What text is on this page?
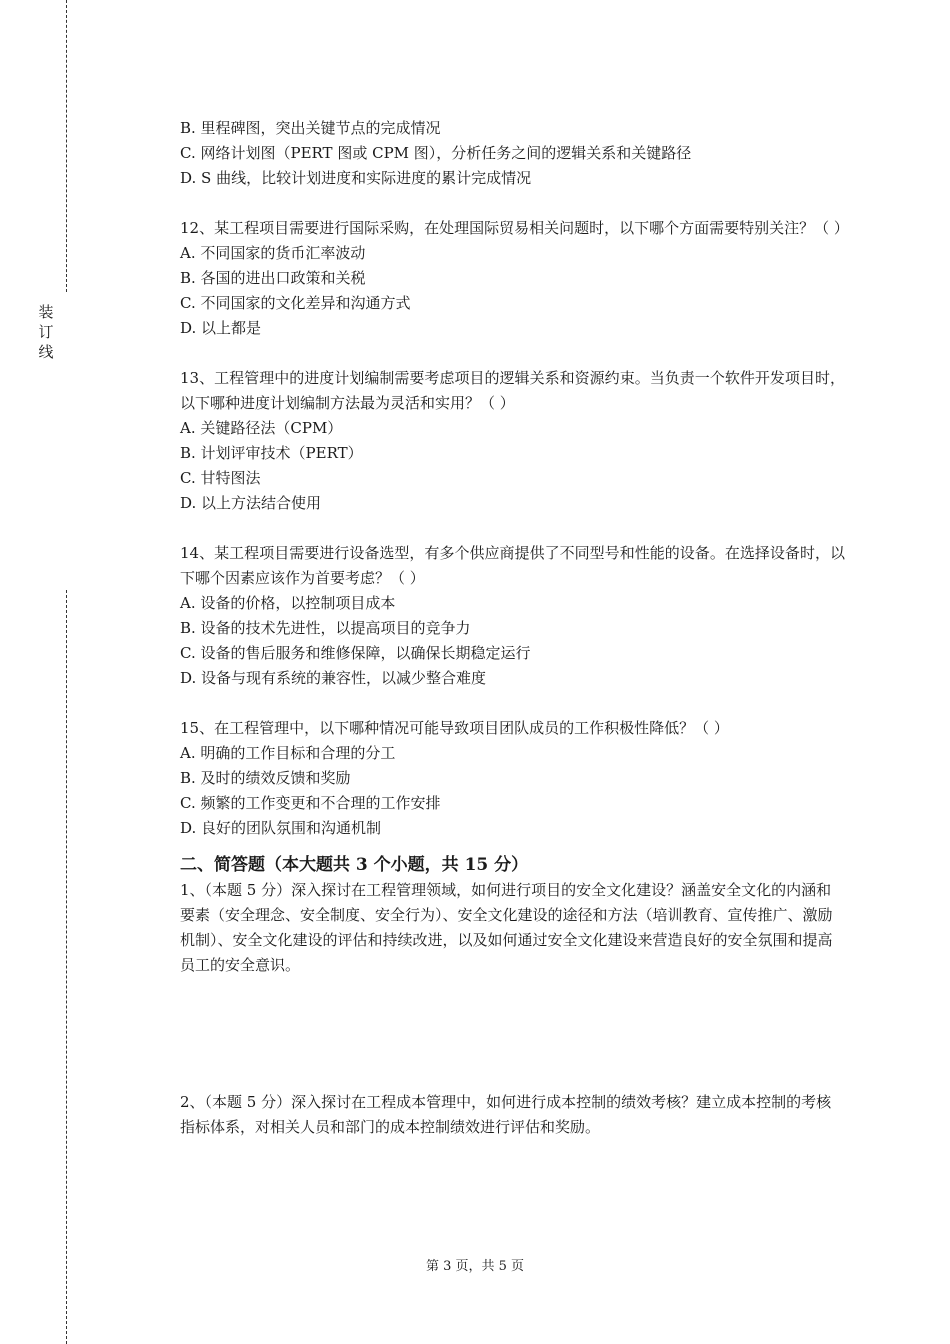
装
订
线
B. 里程碑图，突出关键节点的完成情况
C. 网络计划图（PERT 图或 CPM 图），分析任务之间的逻辑关系和关键路径
D. S 曲线，比较计划进度和实际进度的累计完成情况
12、某工程项目需要进行国际采购，在处理国际贸易相关问题时，以下哪个方面需要特别关注？（ ）
A. 不同国家的货币汇率波动
B. 各国的进出口政策和关税
C. 不同国家的文化差异和沟通方式
D. 以上都是
13、工程管理中的进度计划编制需要考虑项目的逻辑关系和资源约束。当负责一个软件开发项目时，以下哪种进度计划编制方法最为灵活和实用？（ ）
A. 关键路径法（CPM）
B. 计划评审技术（PERT）
C. 甘特图法
D. 以上方法结合使用
14、某工程项目需要进行设备选型，有多个供应商提供了不同型号和性能的设备。在选择设备时，以下哪个因素应该作为首要考虑？（ ）
A. 设备的价格，以控制项目成本
B. 设备的技术先进性，以提高项目的竞争力
C. 设备的售后服务和维修保障，以确保长期稳定运行
D. 设备与现有系统的兼容性，以减少整合难度
15、在工程管理中，以下哪种情况可能导致项目团队成员的工作积极性降低？（ ）
A. 明确的工作目标和合理的分工
B. 及时的绩效反馈和奖励
C. 频繁的工作变更和不合理的工作安排
D. 良好的团队氛围和沟通机制
二、简答题（本大题共 3 个小题，共 15 分）
1、（本题 5 分）深入探讨在工程管理领域，如何进行项目的安全文化建设？涵盖安全文化的内涵和要素（安全理念、安全制度、安全行为）、安全文化建设的途径和方法（培训教育、宣传推广、激励机制）、安全文化建设的评估和持续改进，以及如何通过安全文化建设来营造良好的安全氛围和提高员工的安全意识。
2、（本题 5 分）深入探讨在工程成本管理中，如何进行成本控制的绩效考核？建立成本控制的考核指标体系，对相关人员和部门的成本控制绩效进行评估和奖励。
第 3 页，共 5 页
